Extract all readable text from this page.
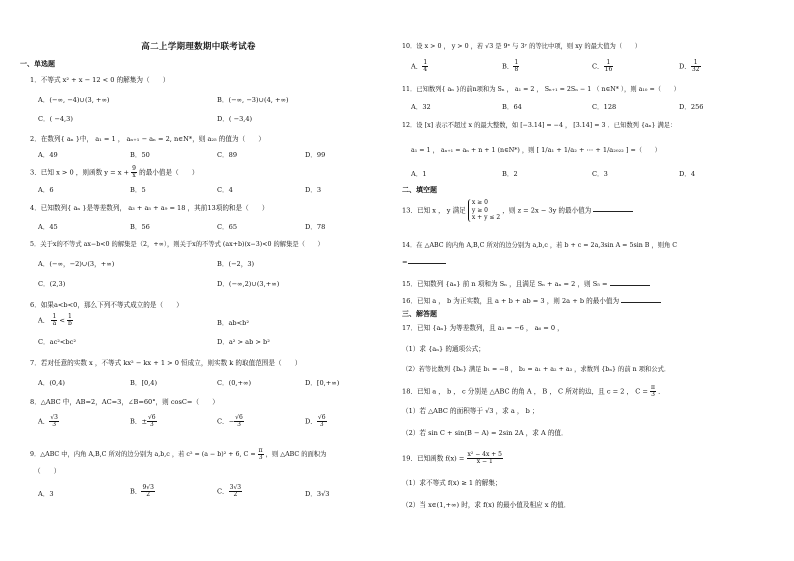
高二上学期理数期中联考试卷
一、单选题
1．不等式 x² + x − 12 < 0 的解集为（　　）
A．(−∞, −4)∪(3, +∞)	B．(−∞, −3)∪(4, +∞)
C．( −4,3)	D．( −3,4)
2．在数列{ aₙ }中， a₁ = 1 ， aₙ₊₁ − aₙ = 2, n∈N*，则 a₂₅ 的值为（　　）
A．49	B．50	C．89	D．99
3．已知 x > 0 ，则函数 $y = x + \frac{9}{x}$ 的最小值是（　　）
A．6	B．5	C．4	D．3
4．已知数列{ aₙ }是等差数列， a₃ + a₅ + a₉ = 18 ，其前13项的和是（　　）
A．45	B．56	C．65	D．78
5．关于x的不等式 ax−b<0 的解集是（2，+∞），则关于x的不等式 (ax+b)(x−3)<0 的解集是（　　）
A．(−∞，−2)∪(3，+∞)	B．(−2，3)
C．(2,3)	D．(−∞,2)∪(3,+∞)
6．如果a<b<0，那么下列不等式成立的是（　　）
A． $\frac{1}{a} < \frac{1}{b}$	B．ab<b²
C．ac²<bc²	D．a² > ab > b²
7．若对任意的实数 x ，不等式 kx² − kx + 1 > 0 恒成立，则实数 k 的取值范围是（　　）
A．(0,4)	B．[0,4)	C．(0,+∞)	D．[0,+∞)
8．△ABC 中，AB=2，AC=3，∠B=60°，则 cosC=（　　）
A． $\frac{√3}{3}$	B．± $\frac{√6}{3}$	C．− $\frac{√6}{3}$	D． $\frac{√6}{3}$
9．△ABC 中，内角 A,B,C 所对的边分别为 a,b,c ，若 c² = (a − b)² + 6, $C = \frac{\pi}{3}$ ，则 △ABC 的面积为
（　　）
A．3	B． $\frac{9√3}{2}$	C． $\frac{3√3}{2}$	D．3√3
10．设 x > 0 ， y > 0 ，若 √3 是 9ˣ 与 3ʸ 的等比中项，则 xy 的最大值为（　　）
A． $\frac{1}{4}$	B． $\frac{1}{8}$	C． $\frac{1}{16}$	D． $\frac{1}{32}$
11．已知数列{ aₙ }的前n项和为 Sₙ ， a₁ = 2 ， Sₙ₊₁ = 2Sₙ − 1 （ n∈N* ），则 a₁₀ =（　　）
A．32	B．64	C．128	D．256
12．设 [x] 表示不超过 x 的最大整数，如 [−3.14] = −4 ， [3.14] = 3 ．已知数列 {aₙ} 满足：
a₁ = 1 ， aₙ₊₁ = aₙ + n + 1 (n∈N*) ，则 [ 1/a₁ + 1/a₂ + ⋯ + 1/a₂₀₂₂ ] =（　　）
A．1	B．2	C．3	D．4
二、填空题
13．已知 x ， y 满足
x ≥ 0
y ≥ 0
x + y ≤ 2
，则 z = 2x − 3y 的最小值为
14．在 △ABC 的内角 A,B,C 所对的边分别为 a,b,c ，若 b + c = 2a,3sin A = 5sin B ，则角 C
=
15．已知数列 {aₙ} 前 n 项和为 Sₙ ，且满足 Sₙ + aₙ = 2 ，则 S₅ =
16．已知 a ， b 为正实数，且 a + b + ab = 3 ，则 2a + b 的最小值为
三、解答题
17．已知 {aₙ} 为等差数列，且 a₁ = −6 ， a₆ = 0 ，
（1）求 {aₙ} 的通项公式；
（2）若等比数列 {bₙ} 满足 b₁ = −8 ， b₂ = a₁ + a₂ + a₃ ，求数列 {bₙ} 的前 n 项和公式．
18．已知 a ， b ， c 分别是 △ABC 的角 A ， B ， C 所对的边，且 c = 2 ， $C = \frac{\pi}{3}$ ．
（1）若 △ABC 的面积等于 √3 ，求 a ， b ；
（2）若 sin C + sin(B − A) = 2sin 2A ，求 A 的值．
19．已知函数 $f(x) = \frac{\text{x² − 4x + 5}}{x - 1}$
（1）求不等式 f(x) ≥ 1 的解集；
（2）当 x∈(1,+∞) 时，求 f(x) 的最小值及相应 x 的值．
